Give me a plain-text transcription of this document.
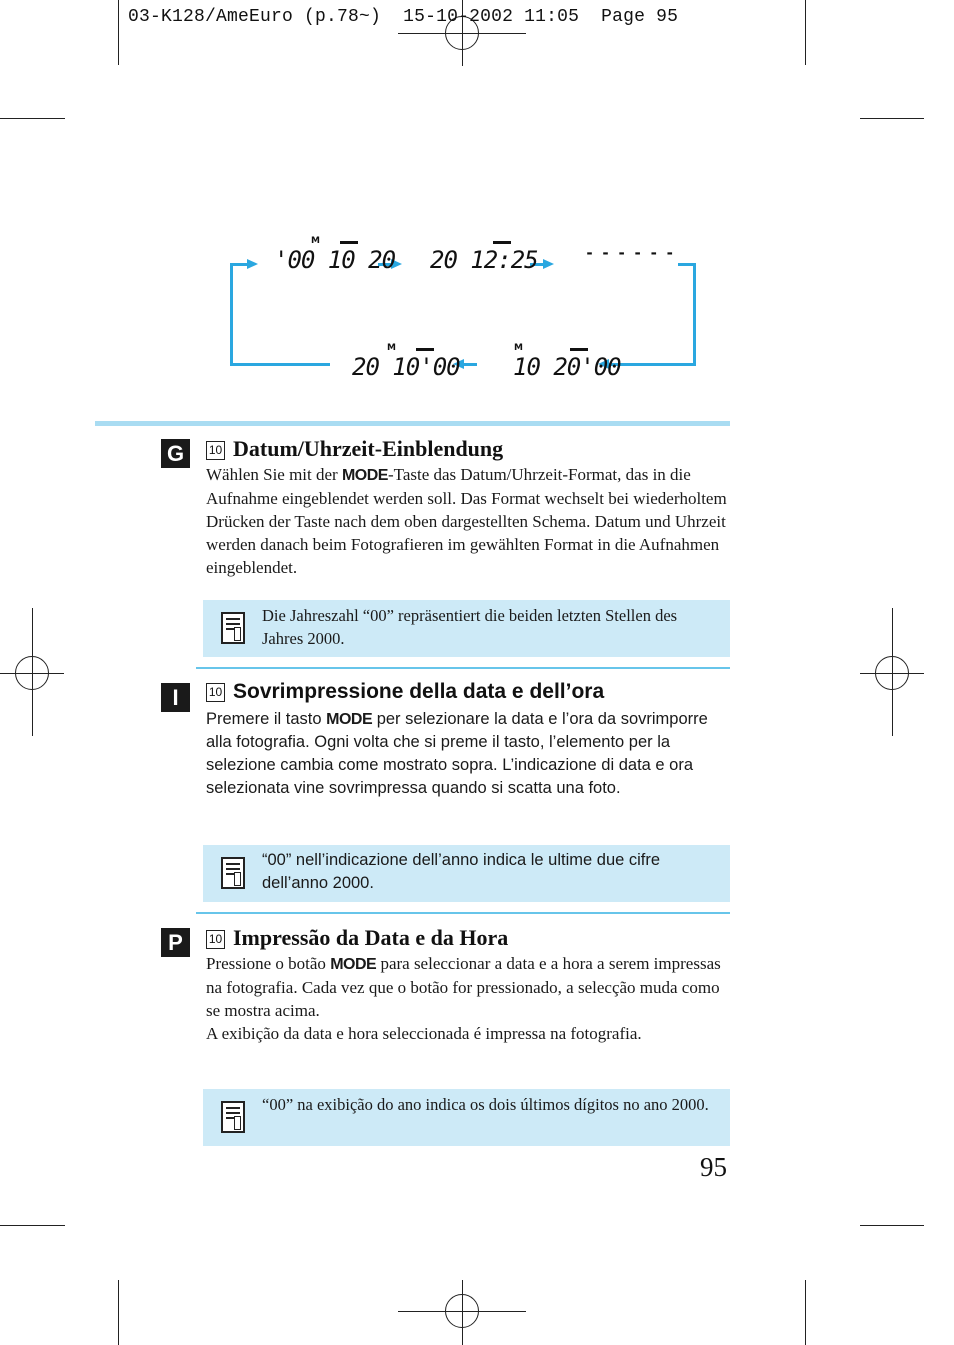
03-K128/AmeEuro (p.78~) 15-10-2002 11:05 Page 95
M
'00 10 20 20 12:25	- - - - - -
M
20 10'00
M
10 20'00
G	10 Datum/Uhrzeit-Einblendung
Wählen Sie mit der MODE-Taste das Datum/Uhrzeit-Format, das in die Aufnahme eingeblendet werden soll. Das Format wechselt bei wiederholtem Drücken der Taste nach dem oben dargestellten Schema. Datum und Uhrzeit werden danach beim Fotografieren im gewählten Format in die Aufnahmen eingeblendet.
Die Jahreszahl “00” repräsentiert die beiden letzten Stellen des Jahres 2000.
I	10 Sovrimpressione della data e dell’ora
Premere il tasto MODE per selezionare la data e l’ora da sovrimporre alla fotografia. Ogni volta che si preme il tasto, l’elemento per la selezione cambia come mostrato sopra. L’indicazione di data e ora selezionata vine sovrimpressa quando si scatta una foto.
“00” nell’indicazione dell’anno indica le ultime due cifre dell’anno 2000.
P	10 Impressão da Data e da Hora
Pressione o botão MODE para seleccionar a data e a hora a serem impressas na fotografia. Cada vez que o botão for pressionado, a selecção muda como se mostra acima.
A exibição da data e hora seleccionada é impressa na fotografia.
“00” na exibição do ano indica os dois últimos dígitos no ano 2000.
95
